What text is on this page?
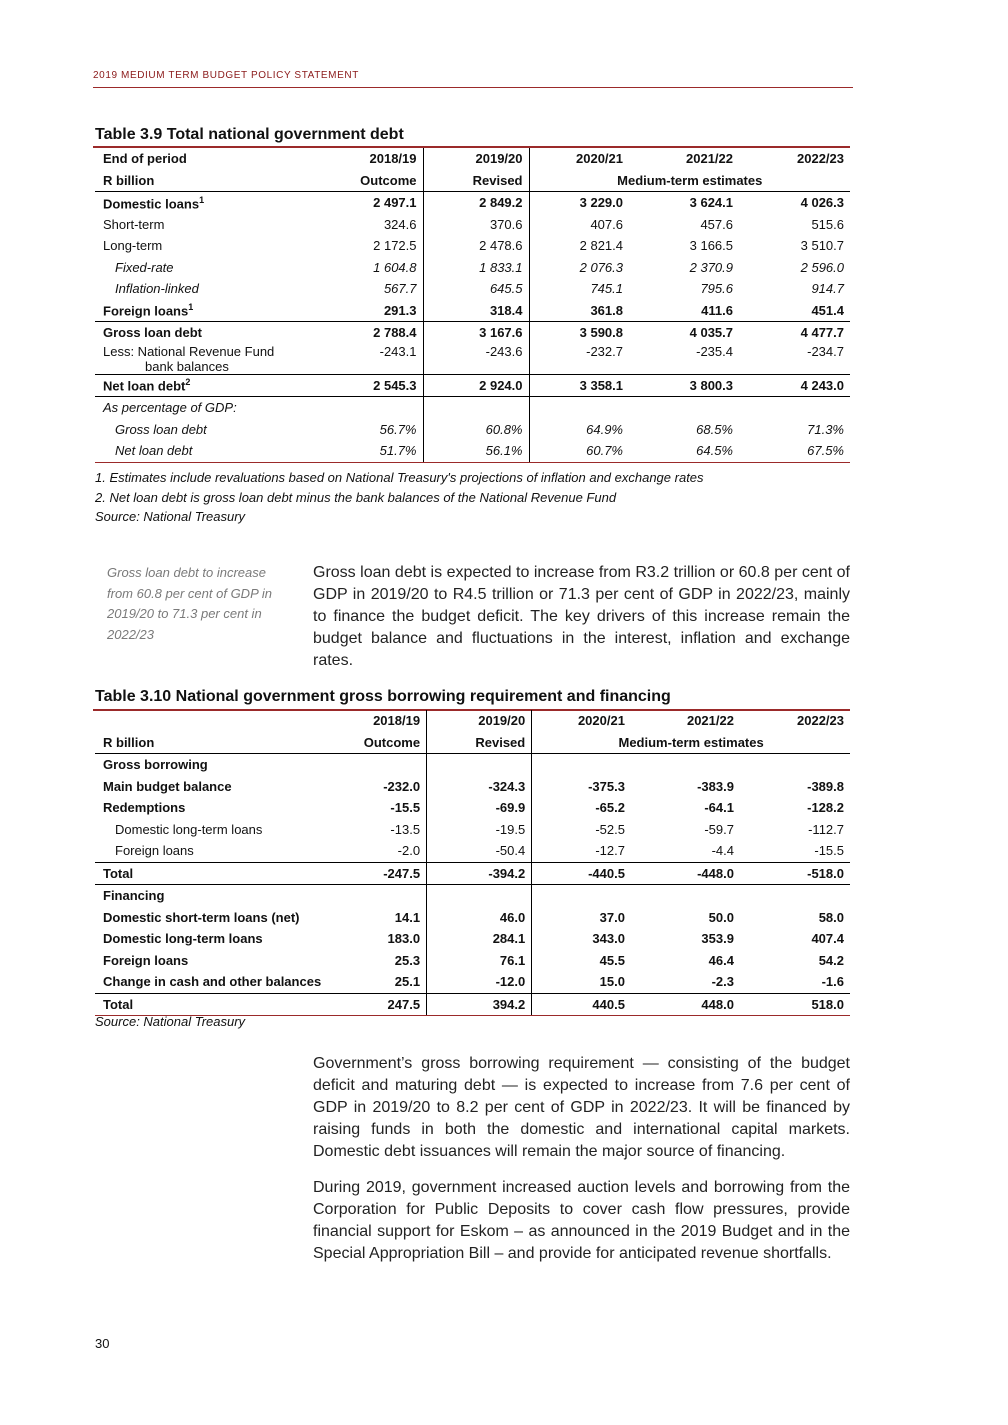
2019 MEDIUM TERM BUDGET POLICY STATEMENT
Table 3.9 Total national government debt
End of period	2018/19	2019/20	2020/21	2021/22	2022/23
R billion	Outcome	Revised	Medium-term estimates		
Domestic loans$^1$	2 497.1	2 849.2	3 229.0	3 624.1	4 026.3
Short-term	324.6	370.6	407.6	457.6	515.6
Long-term	2 172.5	2 478.6	2 821.4	3 166.5	3 510.7
Fixed-rate	1 604.8	1 833.1	2 076.3	2 370.9	2 596.0
Inflation-linked	567.7	645.5	745.1	795.6	914.7
Foreign loans$^1$	291.3	318.4	361.8	411.6	451.4
Gross loan debt	2 788.4	3 167.6	3 590.8	4 035.7	4 477.7
Less: National Revenue Fund
bank balances	-243.1	-243.6	-232.7	-235.4	-234.7
Net loan debt$^2$	2 545.3	2 924.0	3 358.1	3 800.3	4 243.0
As percentage of GDP:					
Gross loan debt	56.7%	60.8%	64.9%	68.5%	71.3%
Net loan debt	51.7%	56.1%	60.7%	64.5%	67.5%
1. Estimates include revaluations based on National Treasury's projections of inflation and exchange rates
2. Net loan debt is gross loan debt minus the bank balances of the National Revenue Fund
Source: National Treasury
Gross loan debt to increase from 60.8 per cent of GDP in 2019/20 to 71.3 per cent in 2022/23
Gross loan debt is expected to increase from R3.2 trillion or 60.8 per cent of GDP in 2019/20 to R4.5 trillion or 71.3 per cent of GDP in 2022/23, mainly to finance the budget deficit. The key drivers of this increase remain the budget balance and fluctuations in the interest, inflation and exchange rates.
Table 3.10 National government gross borrowing requirement and financing
	2018/19	2019/20	2020/21	2021/22	2022/23
R billion	Outcome	Revised	Medium-term estimates		
Gross borrowing					
Main budget balance	-232.0	-324.3	-375.3	-383.9	-389.8
Redemptions	-15.5	-69.9	-65.2	-64.1	-128.2
Domestic long-term loans	-13.5	-19.5	-52.5	-59.7	-112.7
Foreign loans	-2.0	-50.4	-12.7	-4.4	-15.5
Total	-247.5	-394.2	-440.5	-448.0	-518.0
Financing					
Domestic short-term loans (net)	14.1	46.0	37.0	50.0	58.0
Domestic long-term loans	183.0	284.1	343.0	353.9	407.4
Foreign loans	25.3	76.1	45.5	46.4	54.2
Change in cash and other balances	25.1	-12.0	15.0	-2.3	-1.6
Total	247.5	394.2	440.5	448.0	518.0
Source: National Treasury
Government’s gross borrowing requirement — consisting of the budget deficit and maturing debt — is expected to increase from 7.6 per cent of GDP in 2019/20 to 8.2 per cent of GDP in 2022/23. It will be financed by raising funds in both the domestic and international capital markets. Domestic debt issuances will remain the major source of financing.
During 2019, government increased auction levels and borrowing from the Corporation for Public Deposits to cover cash flow pressures, provide financial support for Eskom – as announced in the 2019 Budget and in the Special Appropriation Bill – and provide for anticipated revenue shortfalls.
30
